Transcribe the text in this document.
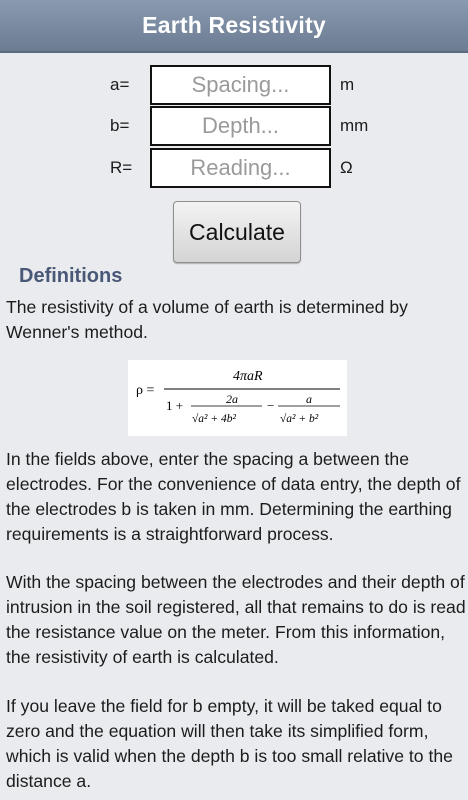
Earth Resistivity
a=
Spacing...	m
b=
Depth...	mm
R=
Reading...	Ω
Calculate
Definitions
The resistivity of a volume of earth is determined by Wenner's method.
ρ =
4πaR
1 +	2a
√a² + 4b²
−	a
√a² + b²
In the fields above, enter the spacing a between the electrodes. For the convenience of data entry, the depth of the electrodes b is taken in mm. Determining the earthing requirements is a straightforward process.
With the spacing between the electrodes and their depth of intrusion in the soil registered, all that remains to do is read the resistance value on the meter. From this information, the resistivity of earth is calculated.
If you leave the field for b empty, it will be taked equal to zero and the equation will then take its simplified form, which is valid when the depth b is too small relative to the distance a.
